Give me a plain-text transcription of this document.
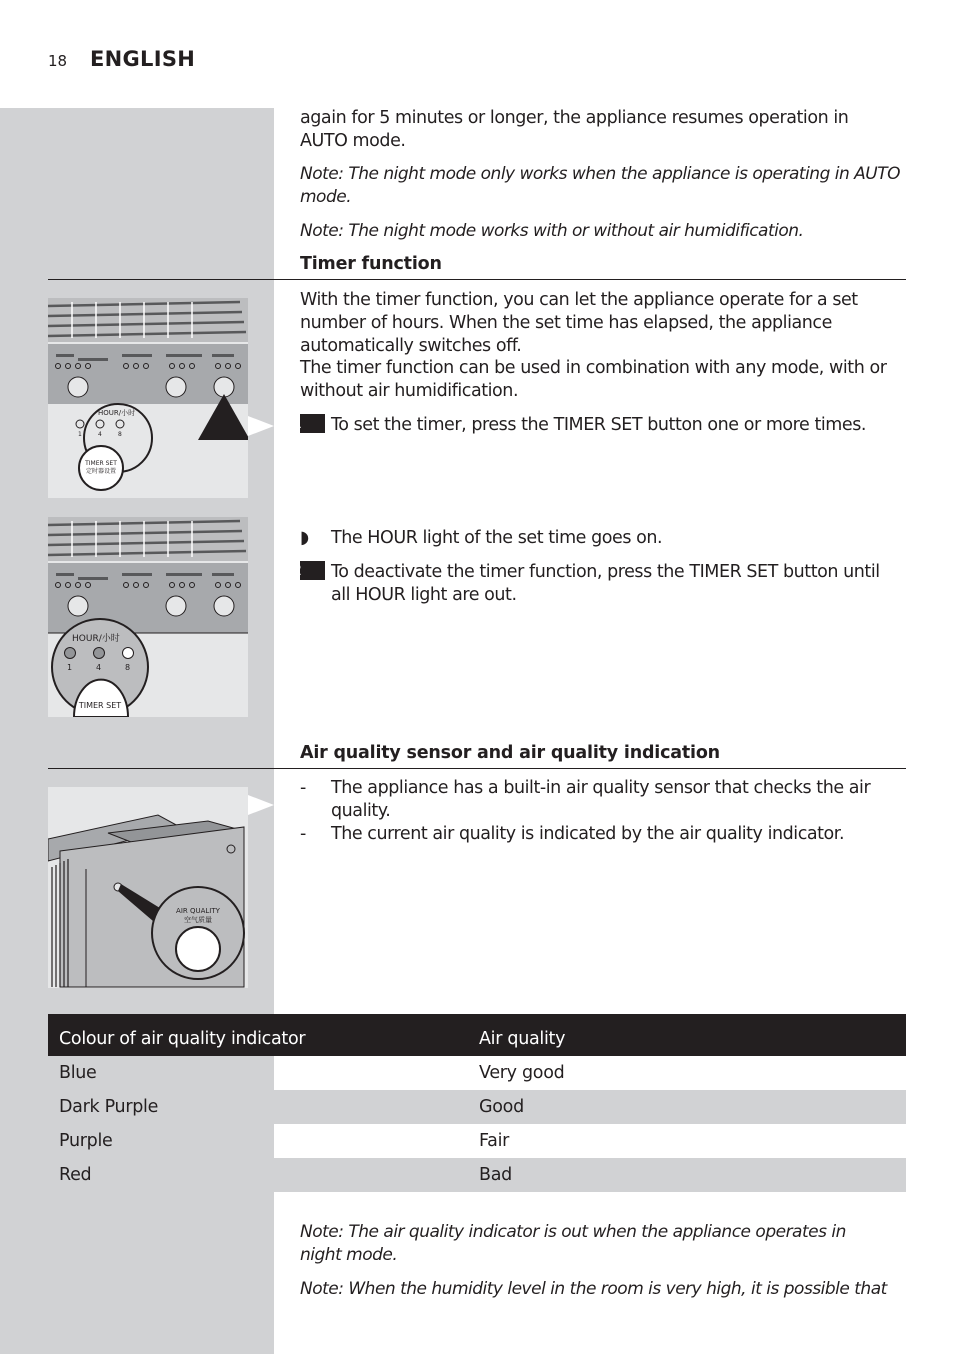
18 ENGLISH

again for 5 minutes or longer, the appliance resumes operation in AUTO mode.

Note: The night mode only works when the appliance is operating in AUTO mode.

Note: The night mode works with or without air humidification.

Timer function

With the timer function, you can let the appliance operate for a set number of hours. When the set time has elapsed, the appliance automatically switches off.

The timer function can be used in combination with any mode, with or without air humidification.

1 To set the timer, press the TIMER SET button one or more times.

HOUR/小时
1	4	8
TIMER SET
定时器设置

◗ The HOUR light of the set time goes on.

2 To deactivate the timer function, press the TIMER SET button until all HOUR light are out.

HOUR/小时
1	4	8
TIMER SET
Air quality sensor and air quality indication
-	The appliance has a built-in air quality sensor that checks the air quality.
-	The current air quality is indicated by the air quality indicator.
AIR QUALITY
空气质量
Colour of air quality indicator	Air quality
Blue	Very good
Dark Purple	Good
Purple	Fair
Red	Bad

Note: The air quality indicator is out when the appliance operates in night mode.

Note: When the humidity level in the room is very high, it is possible that
